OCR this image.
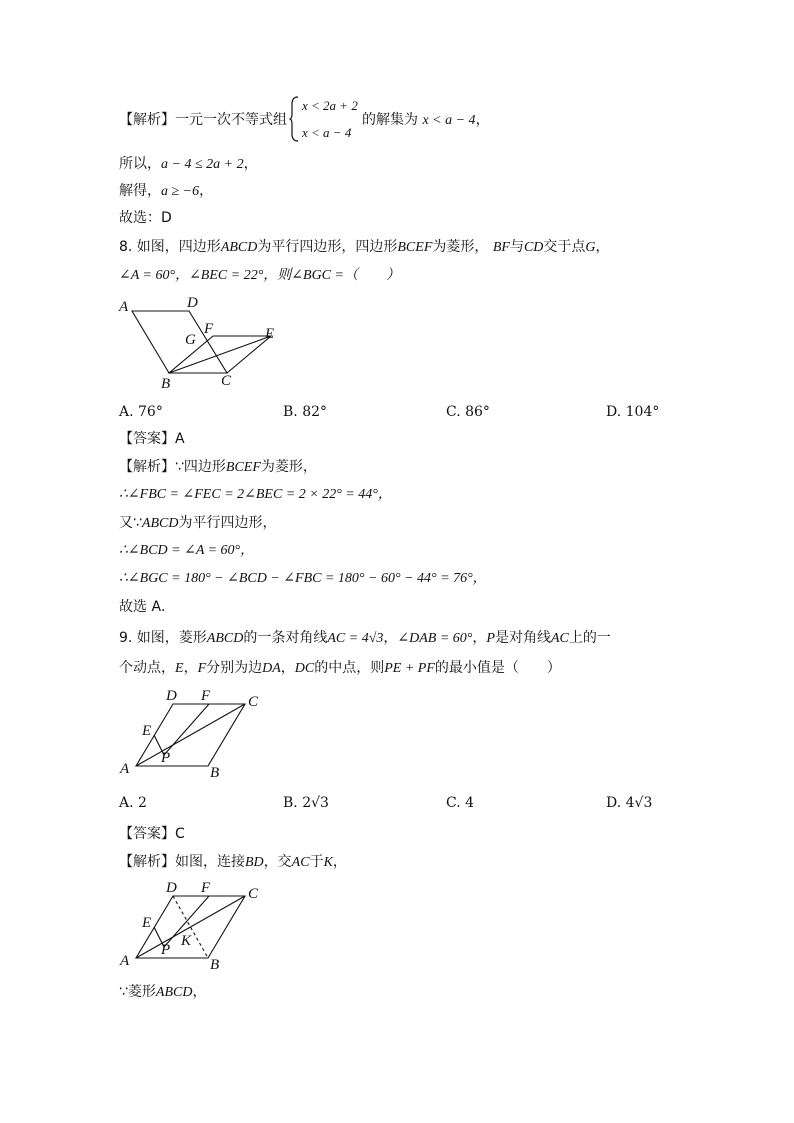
【解析】一元一次不等式组
x < 2a + 2
x < a − 4
的解集为 x < a − 4，
所以，a − 4 ≤ 2a + 2，
解得，a ≥ −6，
故选：D
8. 如图，四边形ABCD为平行四边形，四边形BCEF为菱形， BF与CD交于点G，
∠A = 60°，∠BEC = 22°，则∠BGC =（　　）
A	D
F	E
G
B	C
A. 76°	B. 82°	C. 86°	D. 104°
【答案】A
【解析】∵四边形BCEF为菱形，
∴∠FBC = ∠FEC = 2∠BEC = 2 × 22° = 44°，
又∵ABCD为平行四边形，
∴∠BCD = ∠A = 60°，
∴∠BGC = 180° − ∠BCD − ∠FBC = 180° − 60° − 44° = 76°，
故选 A．
9. 如图，菱形ABCD的一条对角线AC = 4√3，∠DAB = 60°，P是对角线AC上的一
个动点，E，F分别为边DA，DC的中点，则PE + PF的最小值是（　　）
D F	C
E
P
A	B
A. 2	B. 2√3	C. 4	D. 4√3
【答案】C
【解析】如图，连接BD，交AC于K，
D F	C
E
K
P
A	B
∵菱形ABCD，
